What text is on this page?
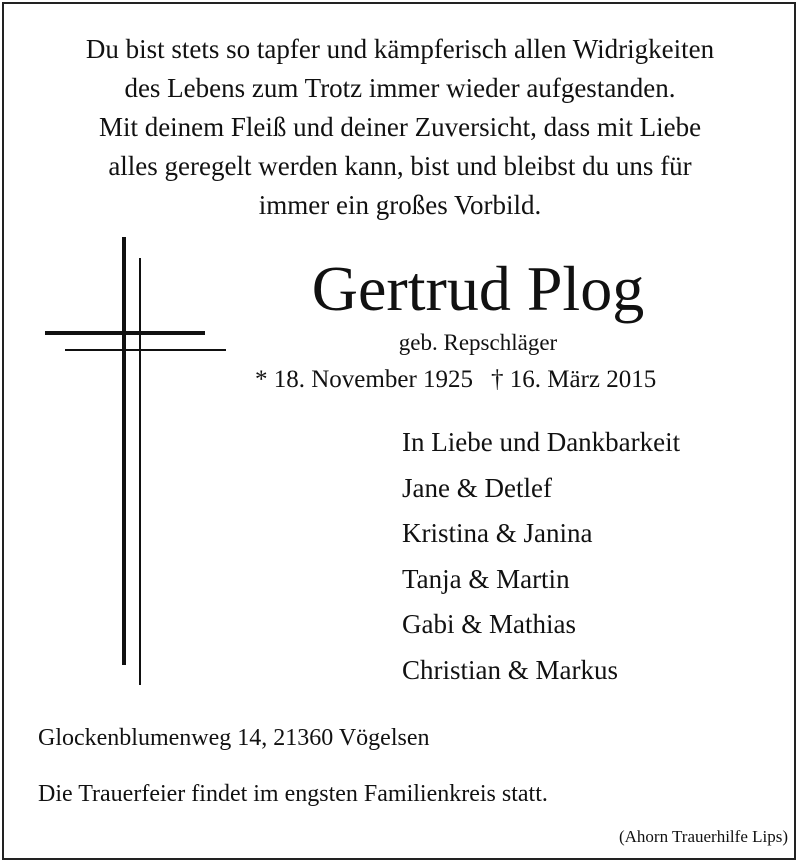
Du bist stets so tapfer und kämpferisch allen Widrigkeiten
des Lebens zum Trotz immer wieder aufgestanden.
Mit deinem Fleiß und deiner Zuversicht, dass mit Liebe
alles geregelt werden kann, bist und bleibst du uns für
immer ein großes Vorbild.
Gertrud Plog
geb. Repschläger
* 18. November 1925 † 16. März 2015
In Liebe und Dankbarkeit
Jane & Detlef
Kristina & Janina
Tanja & Martin
Gabi & Mathias
Christian & Markus
Glockenblumenweg 14, 21360 Vögelsen
Die Trauerfeier findet im engsten Familienkreis statt.
(Ahorn Trauerhilfe Lips)
